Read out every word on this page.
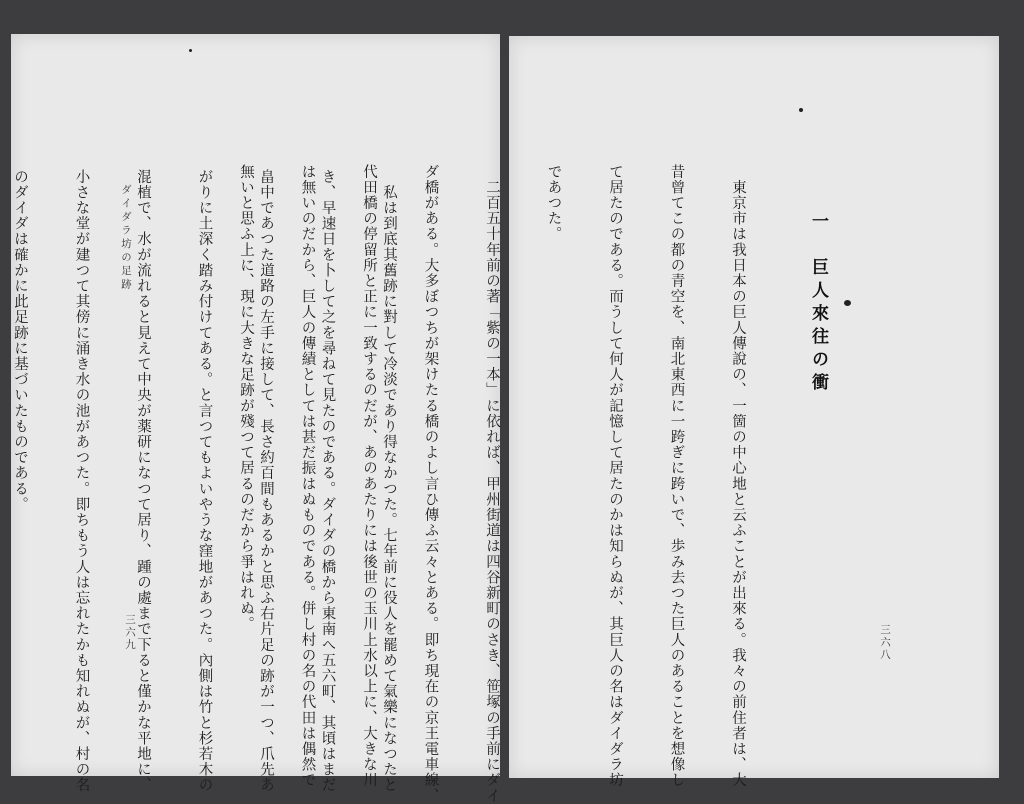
　私は到底其舊跡に對して冷淡であり得なかつた。七年前に役人を罷めて氣樂になつたと

き、早速日を卜して之を尋ねて見たのである。ダイダの橋から東南へ五六町、其頃はまだ

畠中であつた道路の左手に接して、長さ約百間もあるかと思ふ右片足の跡が一つ、爪先あ

がりに土深く踏み付けてある。と言つてもよいやうな窪地があつた。內側は竹と杉若木の

混植で、水が流れると見えて中央が薬研になつて居り、踵の處まで下ると僅かな平地に、

小さな堂が建つて其傍に涌き水の池があつた。即ちもう人は忘れたかも知れぬが、村の名

のダイダは確かに此足跡に基づいたものである。

	ダイダラ坊の足跡
三六九
一　巨人來往の衝

　東京市は我日本の巨人傳說の、一箇の中心地と云ふことが出來る。我々の前住者は、大

昔曾てこの都の青空を、南北東西に一跨ぎに跨いで、歩み去つた巨人のあることを想像し

て居たのである。而うして何人が記憶して居たのかは知らぬが、其巨人の名はダイダラ坊

であつた。

　二百五十年前の著「紫の一本」に依れば、甲州街道は四谷新町のさき、笹塚の手前にダイ

ダ橋がある。大多ぼつちが架けたる橋のよし言ひ傳ふ云々とある。即ち現在の京王電車線、

代田橋の停留所と正に一致するのだが、あのあたりには後世の玉川上水以上に、大きな川

は無いのだから、巨人の傳績としては甚だ振はぬものである。併し村の名の代田は偶然で

無いと思ふ上に、現に大きな足跡が殘つて居るのだから爭はれぬ。

三六八
